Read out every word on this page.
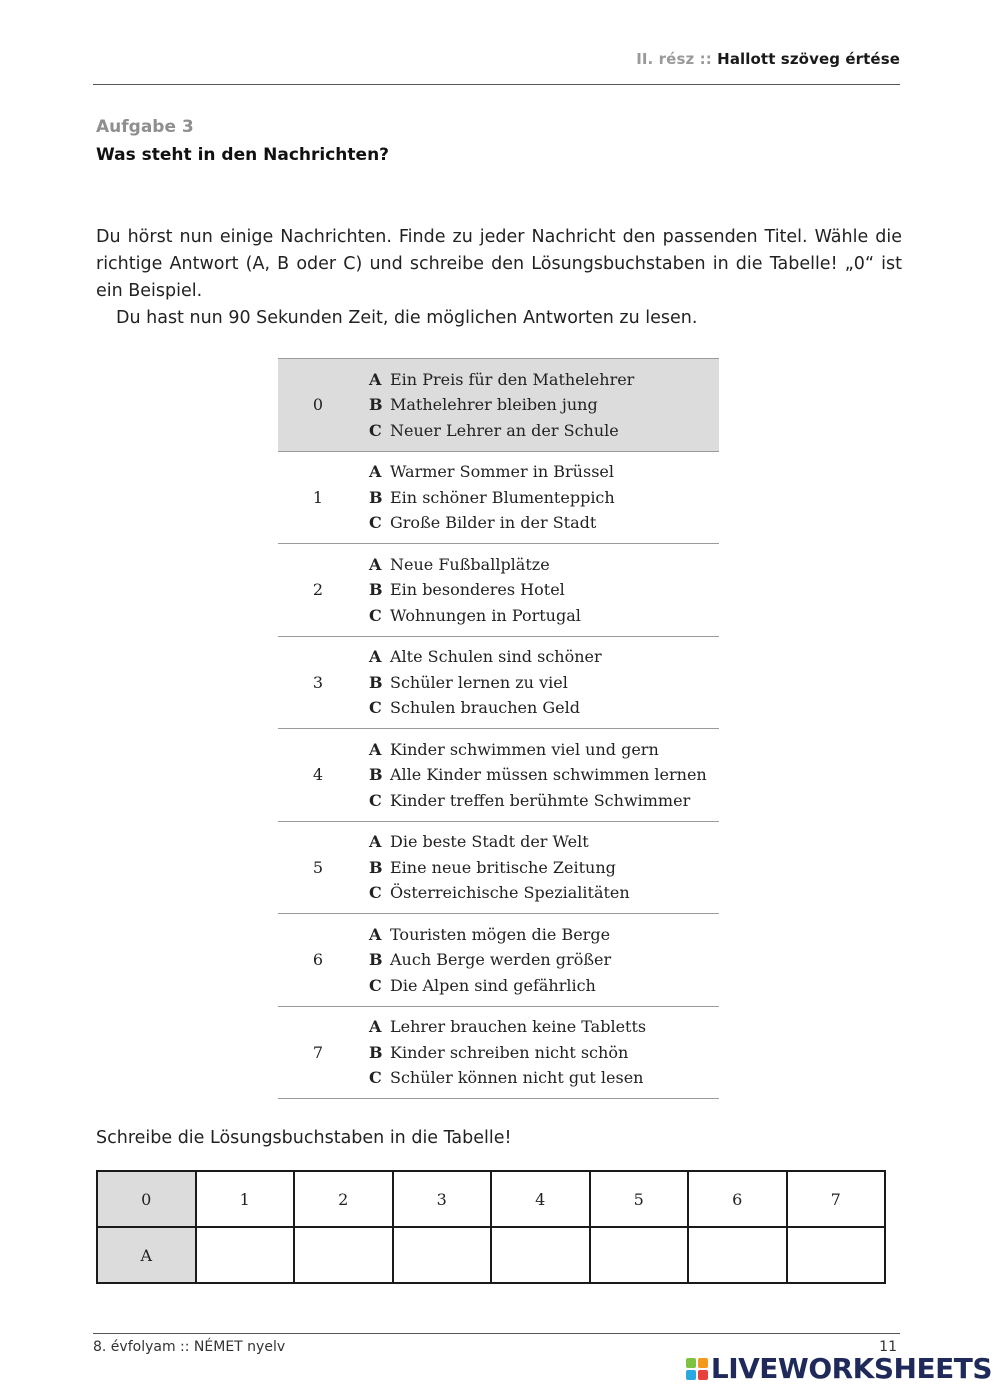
II. rész :: Hallott szöveg értése
Aufgabe 3
Was steht in den Nachrichten?

Du hörst nun einige Nachrichten. Finde zu jeder Nachricht den passenden Titel. Wähle die richtige Antwort (A, B oder C) und schreibe den Lösungsbuchstaben in die Tabelle! „0“ ist ein Beispiel.

Du hast nun 90 Sekunden Zeit, die möglichen Antworten zu lesen.

0
A Ein Preis für den Mathelehrer
B Mathelehrer bleiben jung
C Neuer Lehrer an der Schule
1
A Warmer Sommer in Brüssel
B Ein schöner Blumenteppich
C Große Bilder in der Stadt
2
A Neue Fußballplätze
B Ein besonderes Hotel
C Wohnungen in Portugal
3
A Alte Schulen sind schöner
B Schüler lernen zu viel
C Schulen brauchen Geld
4
A Kinder schwimmen viel und gern
B Alle Kinder müssen schwimmen lernen
C Kinder treffen berühmte Schwimmer
5
A Die beste Stadt der Welt
B Eine neue britische Zeitung
C Österreichische Spezialitäten
6
A Touristen mögen die Berge
B Auch Berge werden größer
C Die Alpen sind gefährlich
7
A Lehrer brauchen keine Tabletts
B Kinder schreiben nicht schön
C Schüler können nicht gut lesen
Schreibe die Lösungsbuchstaben in die Tabelle!
0	1	2	3	4	5	6	7
A							
8. évfolyam :: NÉMET nyelv	11
LIVEWORKSHEETS
